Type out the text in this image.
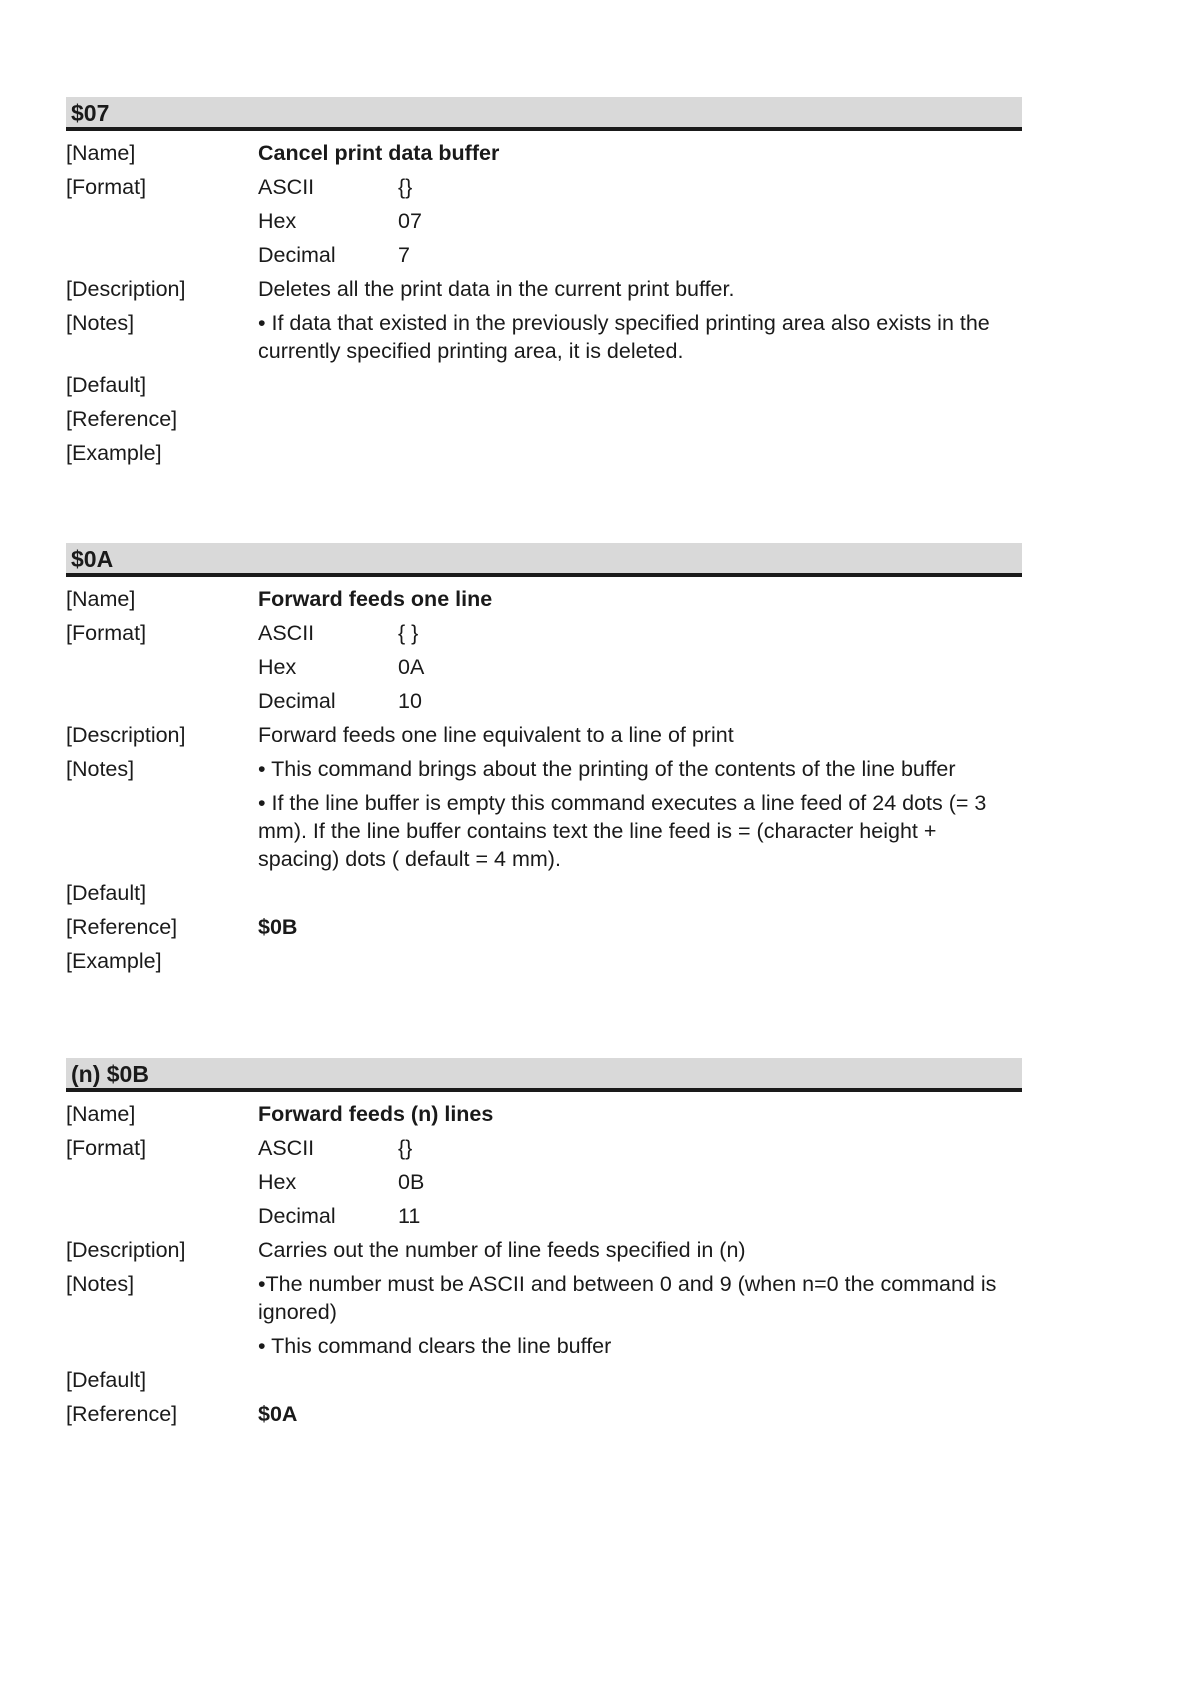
$07
[Name]	Cancel print data buffer
[Format]	ASCII	{}
Hex	07
Decimal	7
[Description]	Deletes all the print data in the current print buffer.
[Notes]	• If data that existed in the previously specified printing area also exists in the currently specified printing area, it is deleted.
[Default]
[Reference]
[Example]
$0A
[Name]	Forward feeds one line
[Format]	ASCII	{ }
Hex	0A
Decimal	10
[Description]	Forward feeds one line equivalent to a line of print
[Notes]	• This command brings about the printing of the contents of the line buffer
• If the line buffer is empty this command executes a line feed of 24 dots (= 3 mm). If the line buffer contains text the line feed is = (character height + spacing) dots ( default = 4 mm).
[Default]
[Reference]	$0B
[Example]
(n) $0B
[Name]	Forward feeds (n) lines
[Format]	ASCII	{}
Hex	0B
Decimal	11
[Description]	Carries out the number of line feeds specified in (n)
[Notes]	•The number must be ASCII and between 0 and 9 (when n=0 the command is ignored)
• This command clears the line buffer
[Default]
[Reference]	$0A
